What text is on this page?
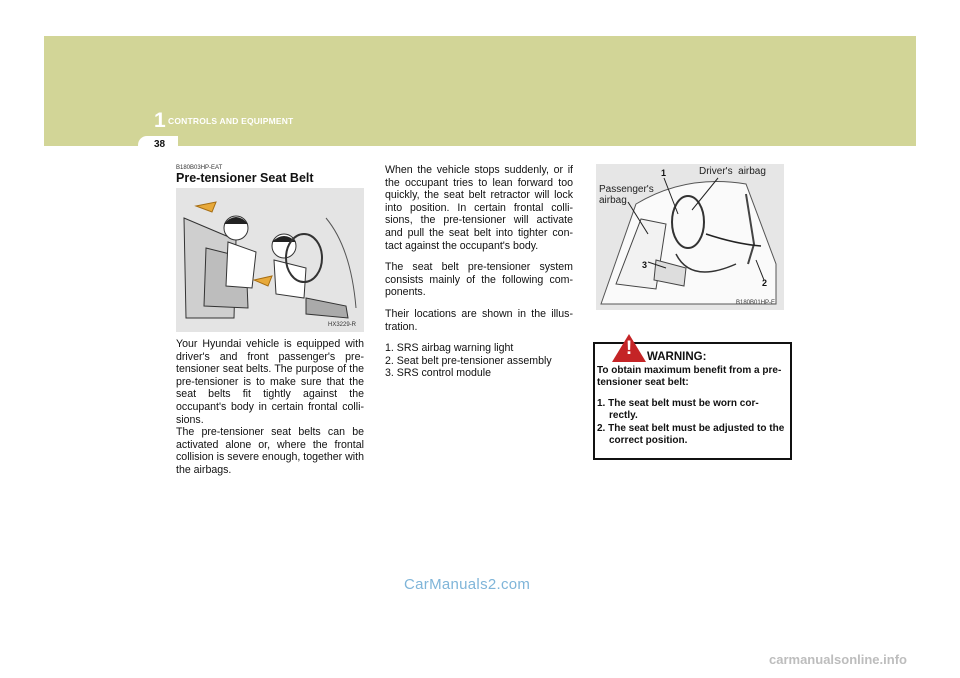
1 CONTROLS AND EQUIPMENT
38
B180B03HP-EAT
Pre-tensioner Seat Belt
HX3229-R
Your Hyundai vehicle is equipped with driver's and front passenger's pre-tensioner seat belts. The purpose of the pre-tensioner is to make sure that the seat belts fit tightly against the occupant's body in certain frontal colli-sions.
The pre-tensioner seat belts can be activated alone or, where the frontal collision is severe enough, together with the airbags.

When the vehicle stops suddenly, or if the occupant tries to lean forward too quickly, the seat belt retractor will lock into position. In certain frontal colli-sions, the pre-tensioner will activate and pull the seat belt into tighter con-tact against the occupant's body.

The seat belt pre-tensioner system consists mainly of the following com-ponents.

Their locations are shown in the illus-tration.

1. SRS airbag warning light
2. Seat belt pre-tensioner assembly
3. SRS control module
Passenger's airbag
Driver's  airbag
1
2
3
B180B01HP-E
! WARNING:

To obtain maximum benefit from a pre-tensioner seat belt:

1. The seat belt must be worn cor-rectly.
2. The seat belt must be adjusted to the correct position.
CarManuals2.com
carmanualsonline.info
